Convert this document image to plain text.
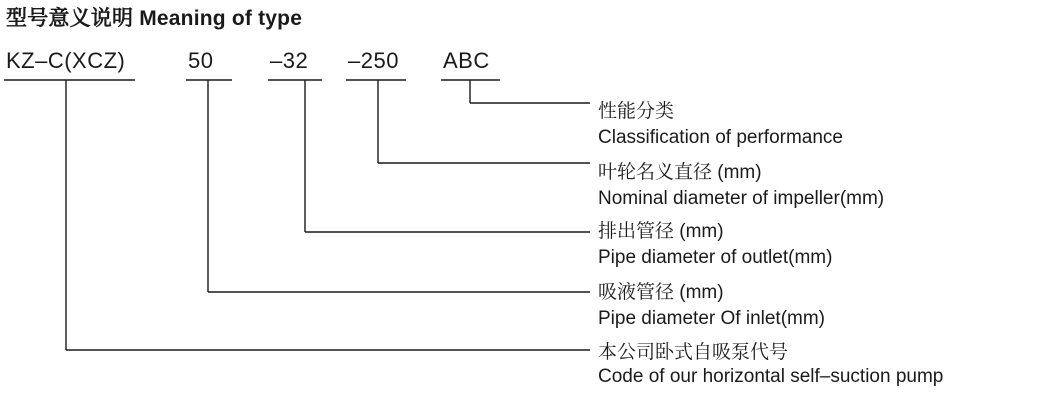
型号意义说明 Meaning of type
KZ–C(XCZ)	50	–32 –250 ABC
性能分类
Classification of performance
叶轮名义直径 (mm)
Nominal diameter of impeller(mm)
排出管径 (mm)
Pipe diameter of outlet(mm)
吸液管径 (mm)
Pipe diameter Of inlet(mm)
本公司卧式自吸泵代号
Code of our horizontal self–suction pump
